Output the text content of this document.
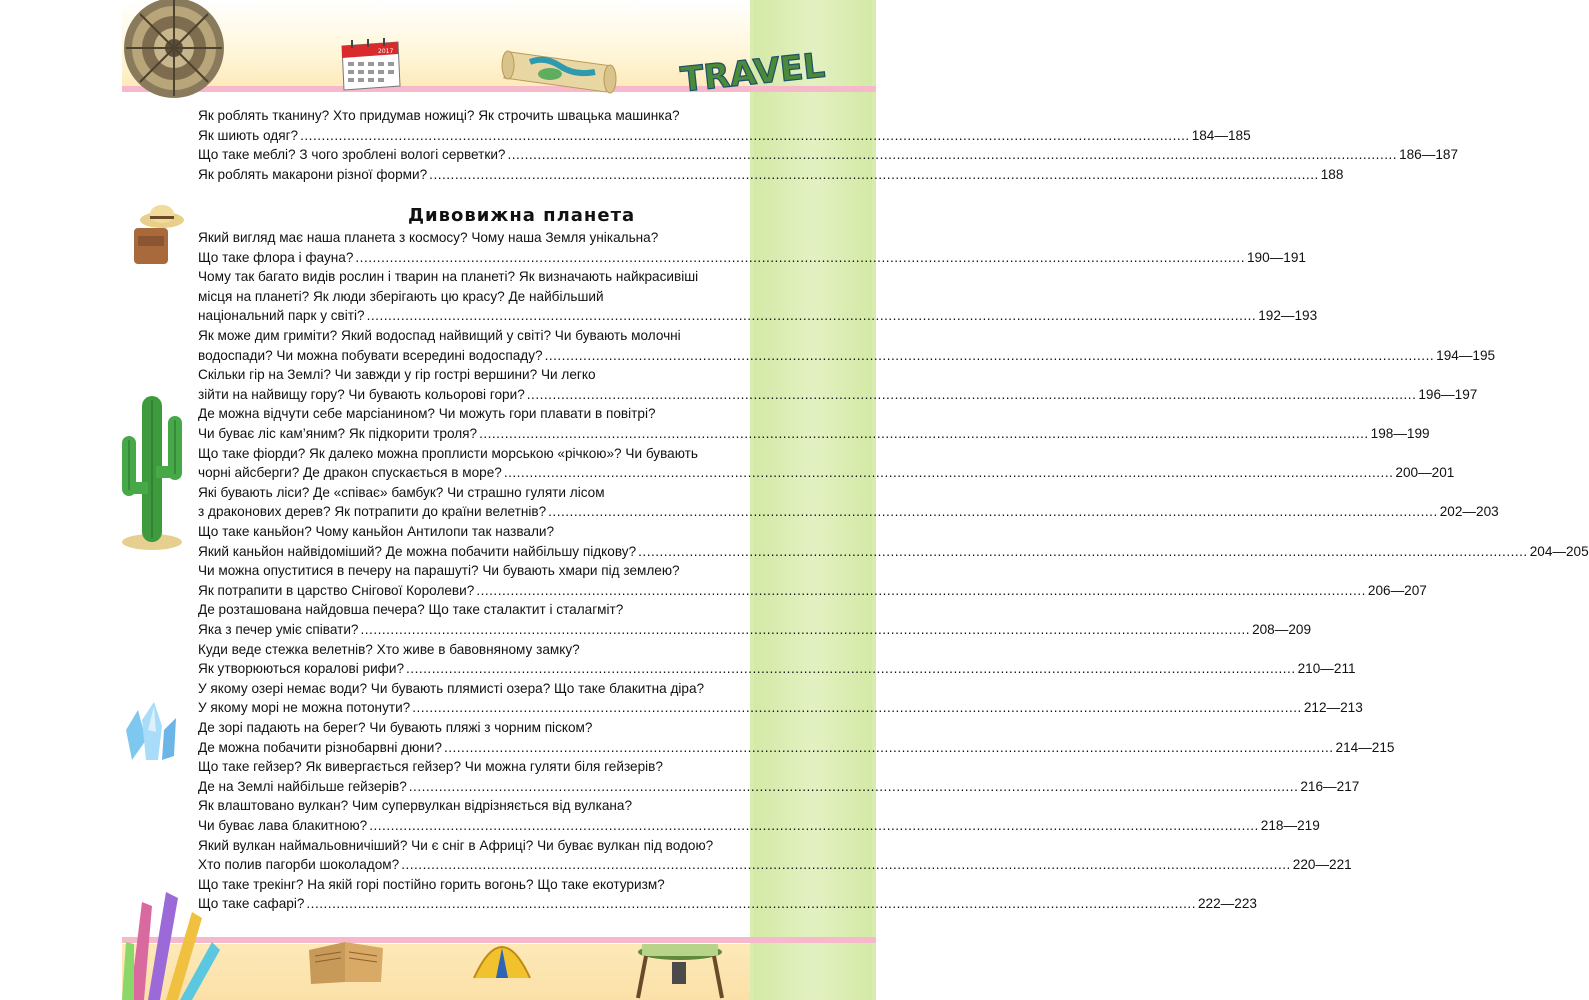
2017	TRAVEL
Дивовижна планета
Як роблять тканину? Хто придумав ножиці? Як строчить швацька машинка?
Як шиють одяг? .....	184—185
Що таке меблі? З чого зроблені вологі серветки? .....	186—187
Як роблять макарони різної форми? .....	188
Який вигляд має наша планета з космосу? Чому наша Земля унікальна?
Що таке флора і фауна? .....	190—191
Чому так багато видів рослин і тварин на планеті? Як визначають найкрасивіші
місця на планеті? Як люди зберігають цю красу? Де найбільший
національний парк у світі? .....	192—193
Як може дим гриміти? Який водоспад найвищий у світі? Чи бувають молочні
водоспади? Чи можна побувати всередині водоспаду? .....	194—195
Скільки гір на Землі? Чи завжди у гір гострі вершини? Чи легко
зійти на найвищу гору? Чи бувають кольорові гори? .....	196—197
Де можна відчути себе марсіанином? Чи можуть гори плавати в повітрі?
Чи буває ліс кам’яним? Як підкорити троля? .....	198—199
Що таке фіорди? Як далеко можна проплисти морською «річкою»? Чи бувають
чорні айсберги? Де дракон спускається в море? .....	200—201
Які бувають ліси? Де «співає» бамбук? Чи страшно гуляти лісом
з драконових дерев? Як потрапити до країни велетнів? .....	202—203
Що таке каньйон? Чому каньйон Антилопи так назвали?
Який каньйон найвідоміший? Де можна побачити найбільшу підкову? .....	204—205
Чи можна опуститися в печеру на парашуті? Чи бувають хмари під землею?
Як потрапити в царство Снігової Королеви? .....	206—207
Де розташована найдовша печера? Що таке сталактит і сталагміт?
Яка з печер уміє співати? .....	208—209
Куди веде стежка велетнів? Хто живе в бавовняному замку?
Як утворюються коралові рифи? .....	210—211
У якому озері немає води? Чи бувають плямисті озера? Що таке блакитна діра?
У якому морі не можна потонути? .....	212—213
Де зорі падають на берег? Чи бувають пляжі з чорним піском?
Де можна побачити різнобарвні дюни? .....	214—215
Що таке гейзер? Як вивергається гейзер? Чи можна гуляти біля гейзерів?
Де на Землі найбільше гейзерів? .....	216—217
Як влаштовано вулкан? Чим супервулкан відрізняється від вулкана?
Чи буває лава блакитною? .....	218—219
Який вулкан наймальовничіший? Чи є сніг в Африці? Чи буває вулкан під водою?
Хто полив пагорби шоколадом? .....	220—221
Що таке трекінг? На якій горі постійно горить вогонь? Що таке екотуризм?
Що таке сафарі? .....	222—223
